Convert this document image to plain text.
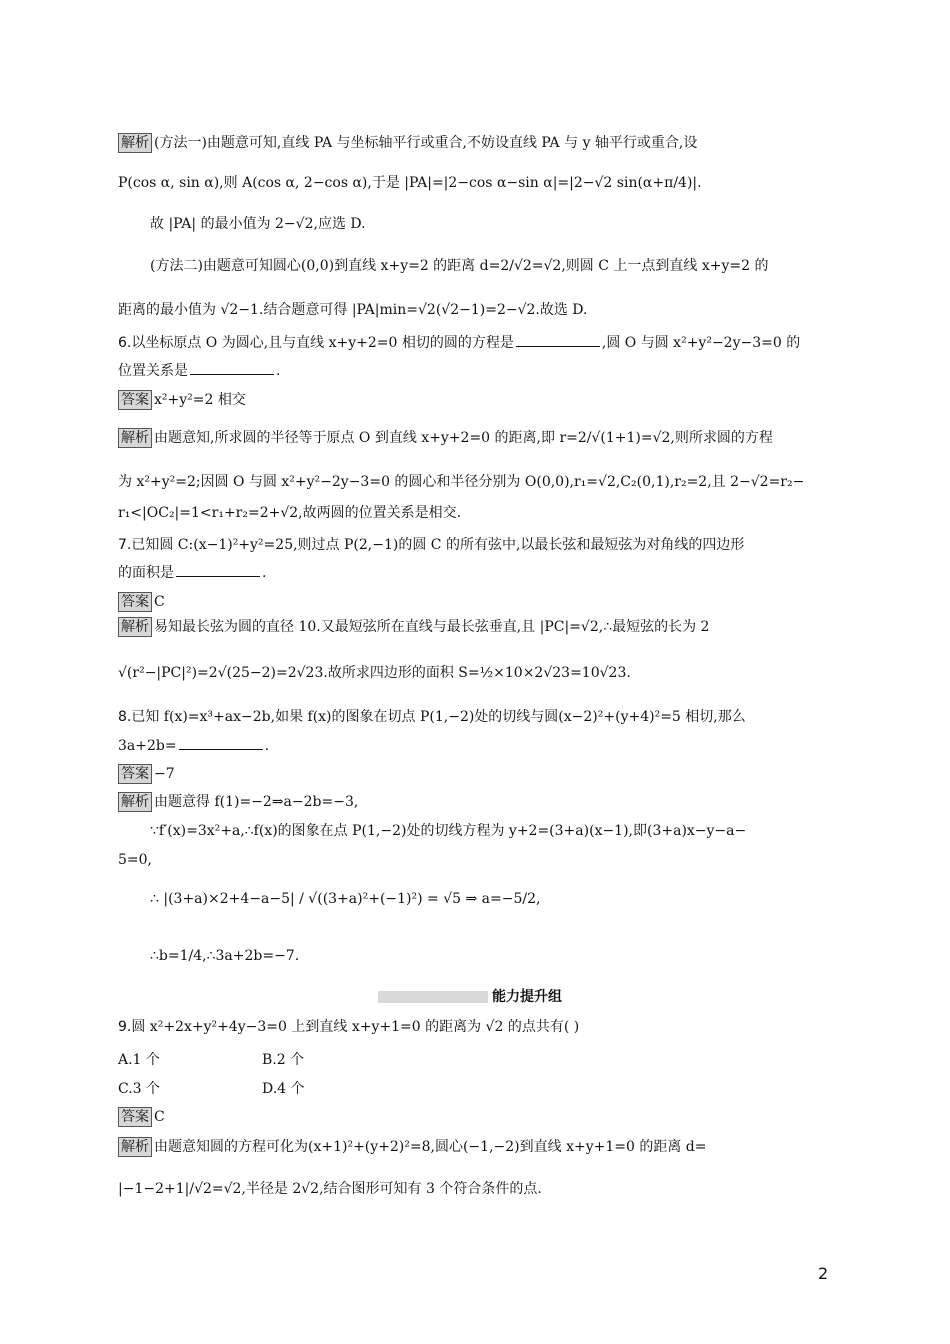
能力提升组
2
解析 (方法一)由题意可知,直线 PA 与坐标轴平行或重合,不妨设直线 PA 与 y 轴平行或重合,设
P(cos α, sin α),则 A(cos α, 2−cos α),于是 |PA|=|2−cos α−sin α|=|2−√2 sin(α+π/4)|.
故 |PA| 的最小值为 2−√2,应选 D.
(方法二)由题意可知圆心(0,0)到直线 x+y=2 的距离 d=2/√2=√2,则圆 C 上一点到直线 x+y=2 的
距离的最小值为 √2−1.结合题意可得 |PA|min=√2(√2−1)=2−√2.故选 D.
6.以坐标原点 O 为圆心,且与直线 x+y+2=0 相切的圆的方程是	,圆 O 与圆 x²+y²−2y−3=0 的
位置关系是	.
答案 x²+y²=2 相交
解析 由题意知,所求圆的半径等于原点 O 到直线 x+y+2=0 的距离,即 r=2/√(1+1)=√2,则所求圆的方程
为 x²+y²=2;因圆 O 与圆 x²+y²−2y−3=0 的圆心和半径分别为 O(0,0),r₁=√2,C₂(0,1),r₂=2,且 2−√2=r₂−
r₁<|OC₂|=1<r₁+r₂=2+√2,故两圆的位置关系是相交.
7.已知圆 C:(x−1)²+y²=25,则过点 P(2,−1)的圆 C 的所有弦中,以最长弦和最短弦为对角线的四边形
的面积是	.
答案 C
解析 易知最长弦为圆的直径 10.又最短弦所在直线与最长弦垂直,且 |PC|=√2,∴最短弦的长为 2
√(r²−|PC|²)=2√(25−2)=2√23.故所求四边形的面积 S=½×10×2√23=10√23.
8.已知 f(x)=x³+ax−2b,如果 f(x)的图象在切点 P(1,−2)处的切线与圆(x−2)²+(y+4)²=5 相切,那么
3a+2b=	.
答案 −7
解析 由题意得 f(1)=−2⇒a−2b=−3,
∵f′(x)=3x²+a,∴f(x)的图象在点 P(1,−2)处的切线方程为 y+2=(3+a)(x−1),即(3+a)x−y−a−
5=0,
∴ |(3+a)×2+4−a−5| / √((3+a)²+(−1)²) = √5 ⇒ a=−5/2,
∴b=1/4,∴3a+2b=−7.
9.圆 x²+2x+y²+4y−3=0 上到直线 x+y+1=0 的距离为 √2 的点共有( )
答案 C
解析 由题意知圆的方程可化为(x+1)²+(y+2)²=8,圆心(−1,−2)到直线 x+y+1=0 的距离 d=
|−1−2+1|/√2=√2,半径是 2√2,结合图形可知有 3 个符合条件的点.
A.1 个	B.2 个
C.3 个	D.4 个
